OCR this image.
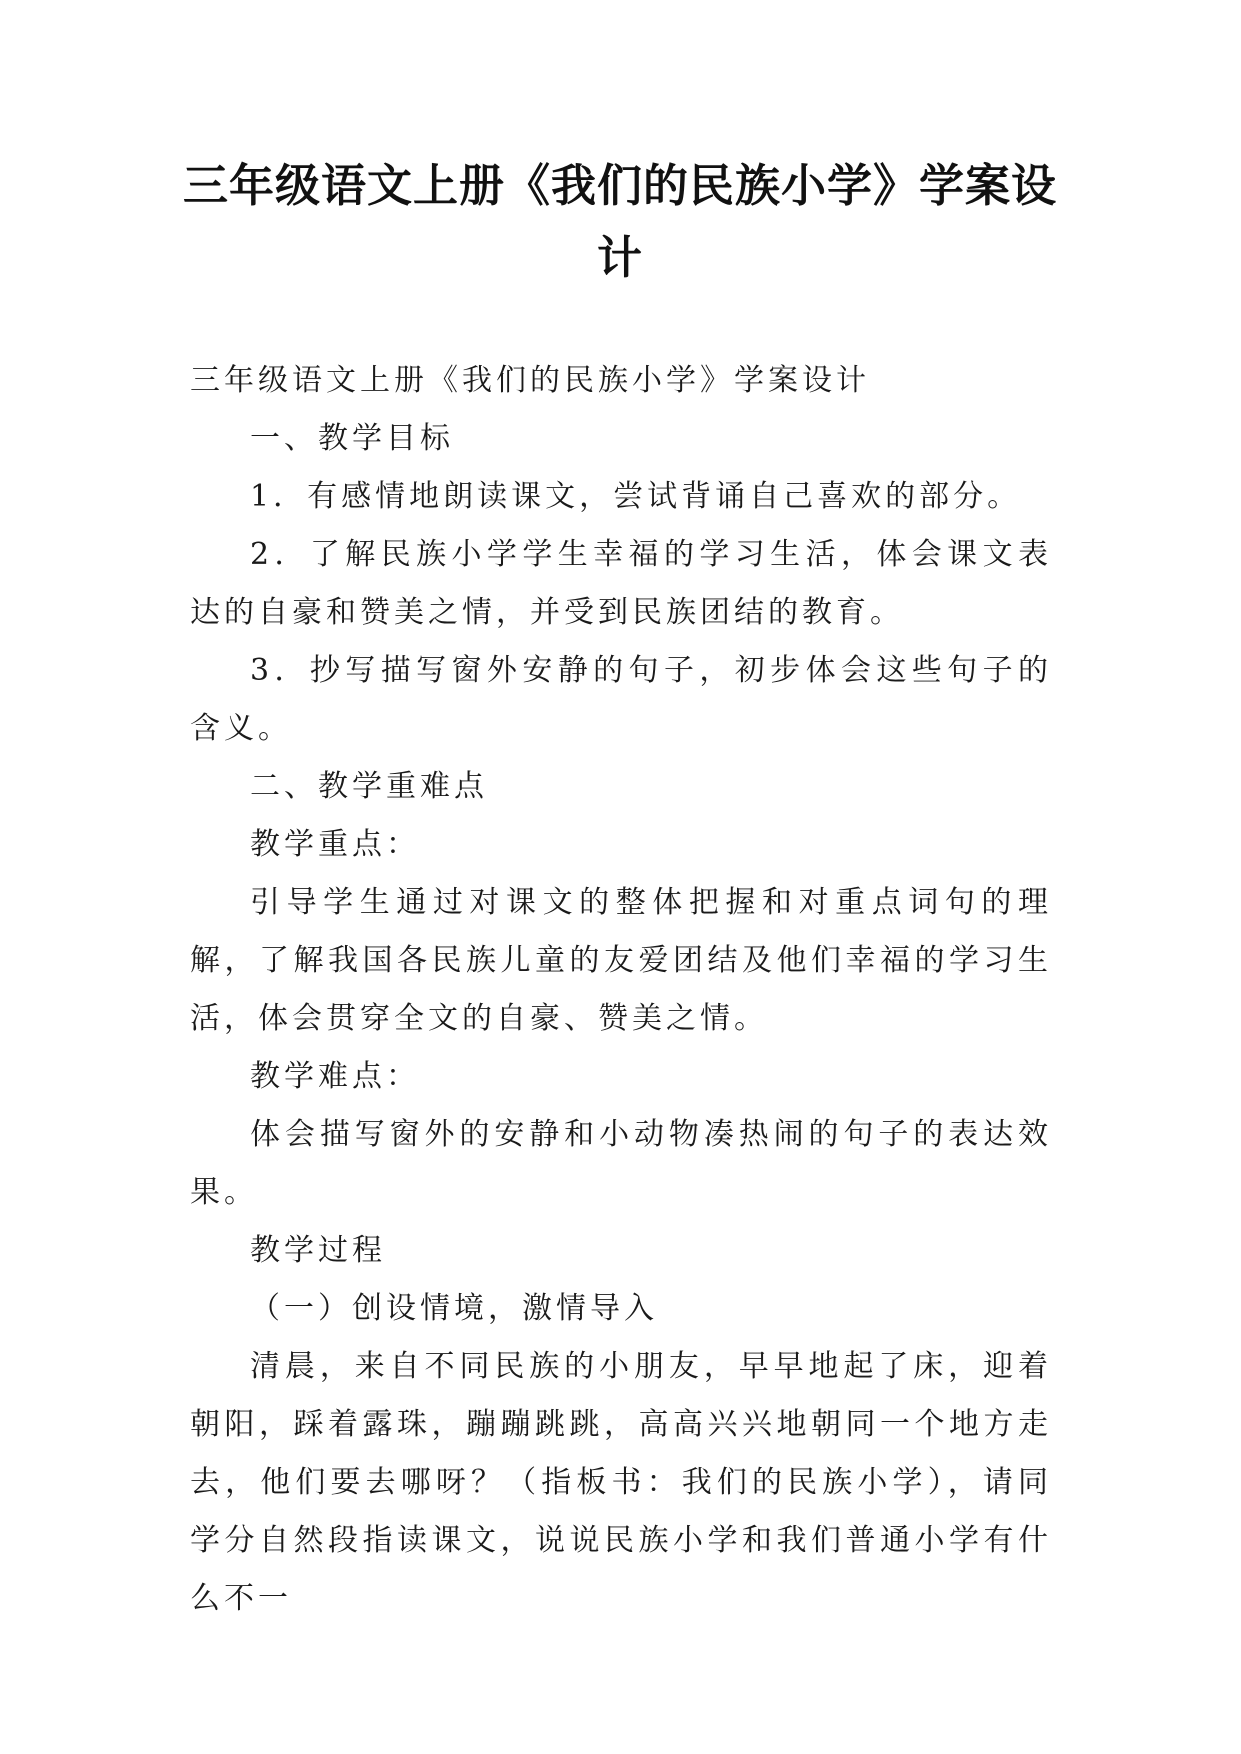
三年级语文上册《我们的民族小学》学案设计

三年级语文上册《我们的民族小学》学案设计

一、教学目标

1．有感情地朗读课文，尝试背诵自己喜欢的部分。

2．了解民族小学学生幸福的学习生活，体会课文表达的自豪和赞美之情，并受到民族团结的教育。

3．抄写描写窗外安静的句子，初步体会这些句子的含义。

二、教学重难点

教学重点：

引导学生通过对课文的整体把握和对重点词句的理解，了解我国各民族儿童的友爱团结及他们幸福的学习生活，体会贯穿全文的自豪、赞美之情。

教学难点：

体会描写窗外的安静和小动物凑热闹的句子的表达效果。

教学过程

（一）创设情境，激情导入

清晨，来自不同民族的小朋友，早早地起了床，迎着朝阳，踩着露珠，蹦蹦跳跳，高高兴兴地朝同一个地方走去，他们要去哪呀？（指板书：我们的民族小学），请同学分自然段指读课文，说说民族小学和我们普通小学有什么不一
